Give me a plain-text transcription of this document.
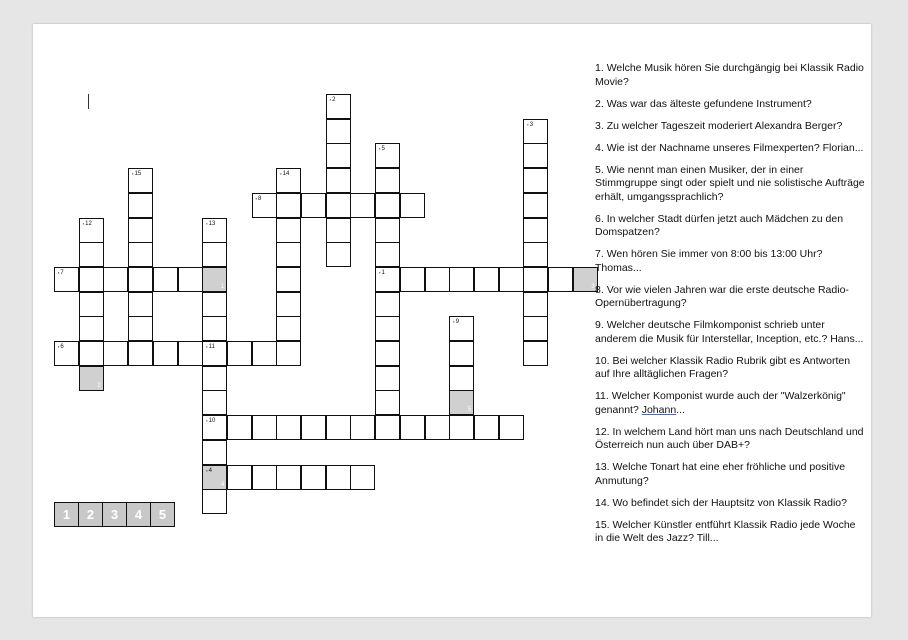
▪ 1
3
▪ 2
▪ 3
▪ 4
4
▪ 5
▪ 6
▪	11
▪ 7
▪ 8
▪ 9
5
▪ 10
▪ 12
2
▪ 13
1
▪ 14
▪ 15
1	2	3	4	5
1. Welche Musik hören Sie durchgängig bei Klassik Radio Movie?
2. Was war das älteste gefundene Instrument?
3. Zu welcher Tageszeit moderiert Alexandra Berger?
4. Wie ist der Nachname unseres Filmexperten? Florian...
5. Wie nennt man einen Musiker, der in einer Stimmgruppe singt oder spielt und nie solistische Aufträge erhält, umgangssprachlich?
6. In welcher Stadt dürfen jetzt auch Mädchen zu den Domspatzen?
7. Wen hören Sie immer von 8:00 bis 13:00 Uhr? Thomas...
8. Vor wie vielen Jahren war die erste deutsche Radio-Opernübertragung?
9. Welcher deutsche Filmkomponist schrieb unter anderem die Musik für Interstellar, Inception, etc.? Hans...
10. Bei welcher Klassik Radio Rubrik gibt es Antworten auf Ihre alltäglichen Fragen?
11. Welcher Komponist wurde auch der "Walzerkönig" genannt? Johann...
12. In welchem Land hört man uns nach Deutschland und Österreich nun auch über DAB+?
13. Welche Tonart hat eine eher fröhliche und positive Anmutung?
14. Wo befindet sich der Hauptsitz von Klassik Radio?
15. Welcher Künstler entführt Klassik Radio jede Woche in die Welt des Jazz? Till...
